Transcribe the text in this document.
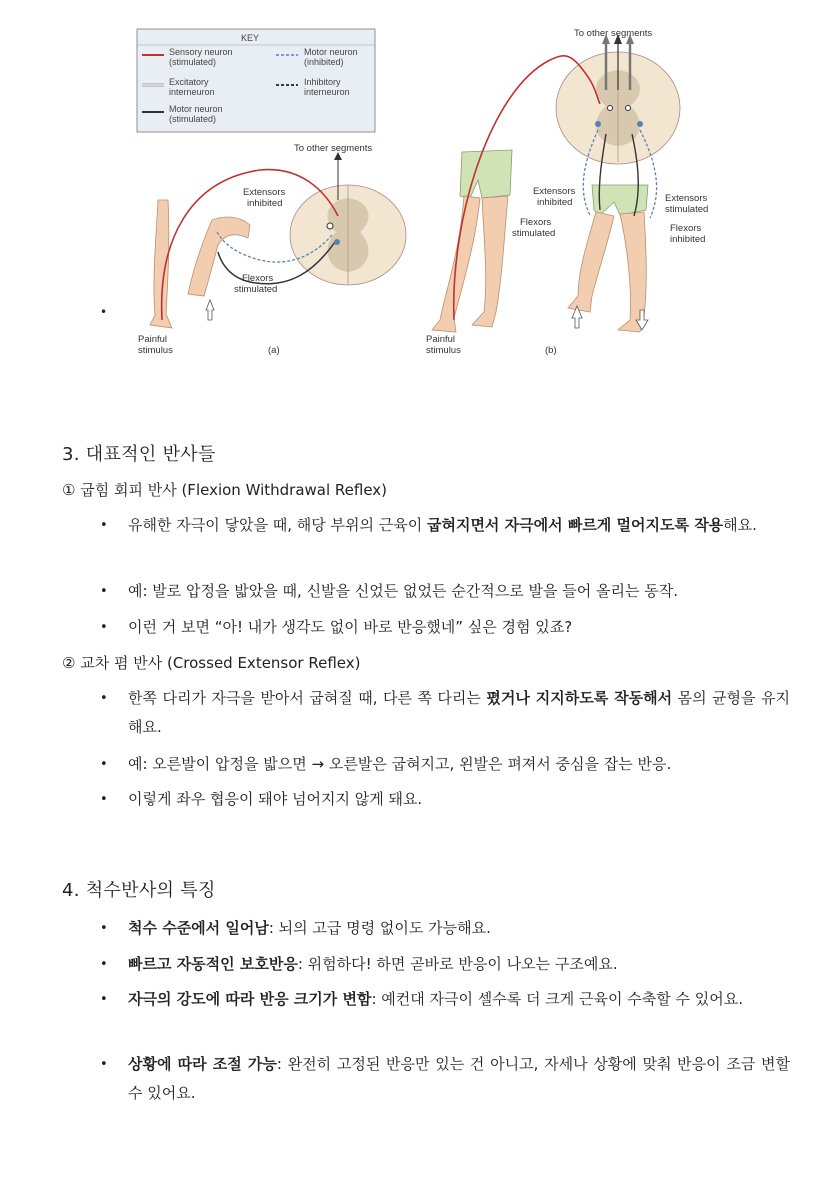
KEY
Sensory neuron
(stimulated)
Excitatory
interneuron
Motor neuron
(stimulated)
Motor neuron
(inhibited)
Inhibitory
interneuron
To other segments
Extensors
inhibited
Flexors
stimulated
Painful
stimulus	(a)
To other segments
Extensors
inhibited
Flexors
stimulated
Extensors
stimulated
Flexors
inhibited
Painful
stimulus	(b)
•
3. 대표적인 반사들
① 굽힘 회피 반사 (Flexion Withdrawal Reflex)
• 유해한 자극이 닿았을 때, 해당 부위의 근육이 굽혀지면서 자극에서 빠르게 멀어지도록 작용해요.
• 예: 발로 압정을 밟았을 때, 신발을 신었든 없었든 순간적으로 발을 들어 올리는 동작.
• 이런 거 보면 “아! 내가 생각도 없이 바로 반응했네” 싶은 경험 있죠?
② 교차 폄 반사 (Crossed Extensor Reflex)
• 한쪽 다리가 자극을 받아서 굽혀질 때, 다른 쪽 다리는 폈거나 지지하도록 작동해서 몸의 균형을 유지해요.
• 예: 오른발이 압정을 밟으면 → 오른발은 굽혀지고, 왼발은 펴져서 중심을 잡는 반응.
• 이렇게 좌우 협응이 돼야 넘어지지 않게 돼요.
4. 척수반사의 특징
• 척수 수준에서 일어남: 뇌의 고급 명령 없이도 가능해요.
• 빠르고 자동적인 보호반응: 위험하다! 하면 곧바로 반응이 나오는 구조예요.
• 자극의 강도에 따라 반응 크기가 변함: 예컨대 자극이 셀수록 더 크게 근육이 수축할 수 있어요.
• 상황에 따라 조절 가능: 완전히 고정된 반응만 있는 건 아니고, 자세나 상황에 맞춰 반응이 조금 변할 수 있어요.
